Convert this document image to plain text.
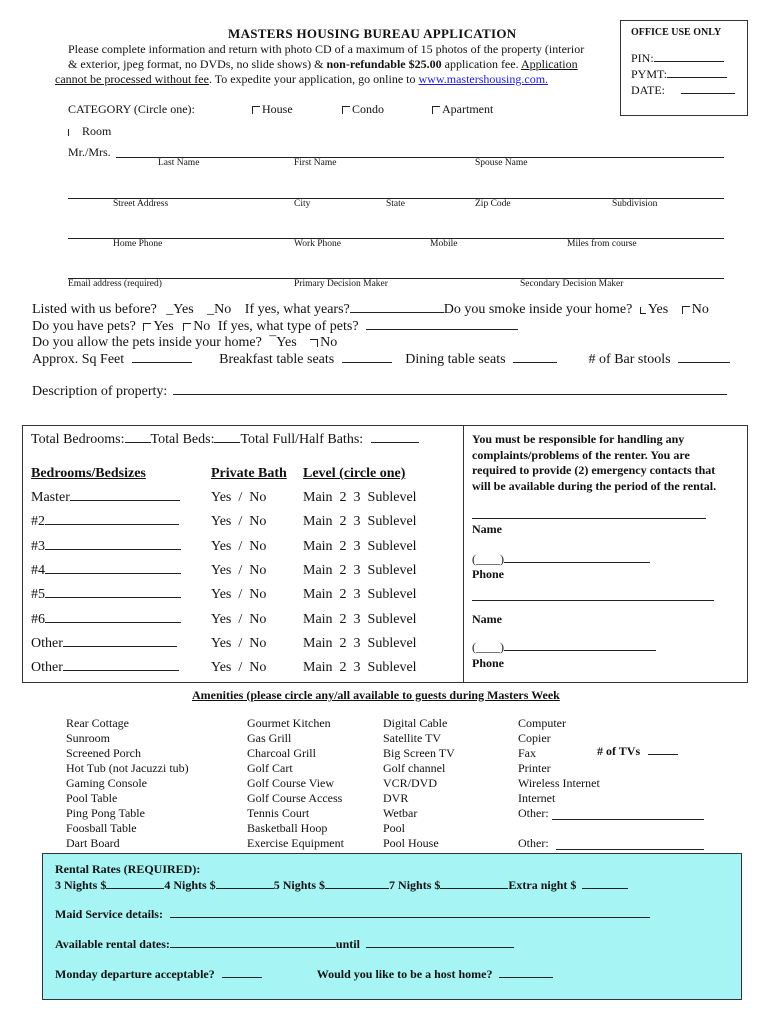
MASTERS HOUSING BUREAU APPLICATION
Please complete information and return with photo CD of a maximum of 15 photos of the property (interior
& exterior, jpeg format, no DVDs, no slide shows) & non-refundable $25.00 application fee. Application
cannot be processed without fee. To expedite your application, go online to www.mastershousing.com.
OFFICE USE ONLY
PIN:
PYMT:
DATE:
CATEGORY (Circle one):	House	Condo	Apartment
Room
Mr./Mrs.
Last Name	First Name	Spouse Name
Street Address	City	State	Zip Code	Subdivision
Home Phone	Work Phone	Mobile	Miles from course
Email address (required)	Primary Decision Maker	Secondary Decision Maker
Listed with us before? _Yes _No If yes, what years?	Do you smoke inside your home? Yes No
Do you have pets? Yes No If yes, what type of pets?
Do you allow the pets inside your home? ¯Yes No
Approx. Sq Feet	Breakfast table seats	Dining table seats	# of Bar stools
Description of property:
Total Bedrooms: Total Beds: Total Full/Half Baths:
Bedrooms/Bedsizes	Private Bath Level (circle one)
Master	Yes  /  No	Main  2  3  Sublevel
#2	Yes  /  No	Main  2  3  Sublevel
#3	Yes  /  No	Main  2  3  Sublevel
#4	Yes  /  No	Main  2  3  Sublevel
#5	Yes  /  No	Main  2  3  Sublevel
#6	Yes  /  No	Main  2  3  Sublevel
Other	Yes  /  No	Main  2  3  Sublevel
Other	Yes  /  No	Main  2  3  Sublevel
You must be responsible for handling any complaints/problems of the renter. You are required to provide (2) emergency contacts that will be available during the period of the rental.
Name
(____)
Phone
Name
(____)
Phone
Amenities (please circle any/all available to guests during Masters Week
Rear Cottage
Sunroom
Screened Porch
Hot Tub (not Jacuzzi tub)
Gaming Console
Pool Table
Ping Pong Table
Foosball Table
Dart Board
Gourmet Kitchen
Gas Grill
Charcoal Grill
Golf Cart
Golf Course View
Golf Course Access
Tennis Court
Basketball Hoop
Exercise Equipment
Digital Cable
Satellite TV
Big Screen TV
Golf channel
VCR/DVD
DVR
Wetbar
Pool
Pool House
Computer
Copier
Fax
Printer
Wireless Internet
Internet
Other:
Other:
# of TVs
Rental Rates (REQUIRED):
3 Nights $	4 Nights $	5 Nights $	7 Nights $	Extra night $
Maid Service details:
Available rental dates:	until
Monday departure acceptable?	Would you like to be a host home?
